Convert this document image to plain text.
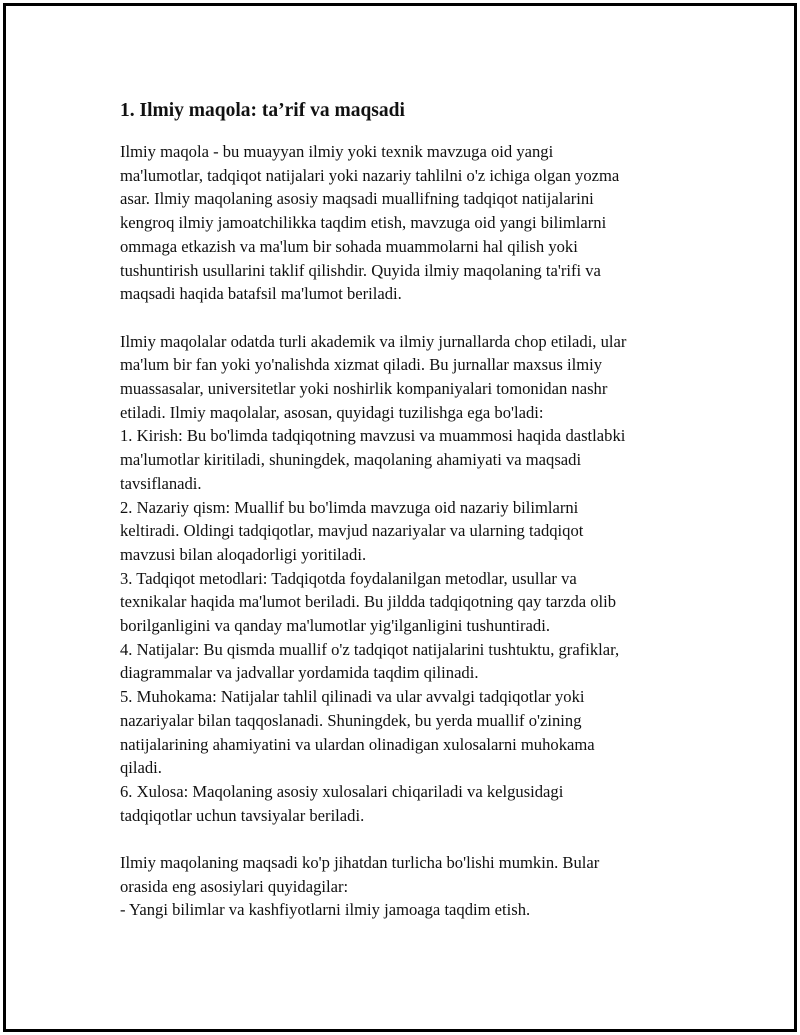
1. Ilmiy maqola: ta’rif va maqsadi

Ilmiy maqola - bu muayyan ilmiy yoki texnik mavzuga oid yangi
ma'lumotlar, tadqiqot natijalari yoki nazariy tahlilni o'z ichiga olgan yozma
asar. Ilmiy maqolaning asosiy maqsadi muallifning tadqiqot natijalarini
kengroq ilmiy jamoatchilikka taqdim etish, mavzuga oid yangi bilimlarni
ommaga etkazish va ma'lum bir sohada muammolarni hal qilish yoki
tushuntirish usullarini taklif qilishdir. Quyida ilmiy maqolaning ta'rifi va
maqsadi haqida batafsil ma'lumot beriladi.

Ilmiy maqolalar odatda turli akademik va ilmiy jurnallarda chop etiladi, ular
ma'lum bir fan yoki yo'nalishda xizmat qiladi. Bu jurnallar maxsus ilmiy
muassasalar, universitetlar yoki noshirlik kompaniyalari tomonidan nashr
etiladi. Ilmiy maqolalar, asosan, quyidagi tuzilishga ega bo'ladi:
1. Kirish: Bu bo'limda tadqiqotning mavzusi va muammosi haqida dastlabki
ma'lumotlar kiritiladi, shuningdek, maqolaning ahamiyati va maqsadi
tavsiflanadi.
2. Nazariy qism: Muallif bu bo'limda mavzuga oid nazariy bilimlarni
keltiradi. Oldingi tadqiqotlar, mavjud nazariyalar va ularning tadqiqot
mavzusi bilan aloqadorligi yoritiladi.
3. Tadqiqot metodlari: Tadqiqotda foydalanilgan metodlar, usullar va
texnikalar haqida ma'lumot beriladi. Bu jildda tadqiqotning qay tarzda olib
borilganligini va qanday ma'lumotlar yig'ilganligini tushuntiradi.
4. Natijalar: Bu qismda muallif o'z tadqiqot natijalarini tushtuktu, grafiklar,
diagrammalar va jadvallar yordamida taqdim qilinadi.
5. Muhokama: Natijalar tahlil qilinadi va ular avvalgi tadqiqotlar yoki
nazariyalar bilan taqqoslanadi. Shuningdek, bu yerda muallif o'zining
natijalarining ahamiyatini va ulardan olinadigan xulosalarni muhokama
qiladi.
6. Xulosa: Maqolaning asosiy xulosalari chiqariladi va kelgusidagi
tadqiqotlar uchun tavsiyalar beriladi.

Ilmiy maqolaning maqsadi ko'p jihatdan turlicha bo'lishi mumkin. Bular
orasida eng asosiylari quyidagilar:
- Yangi bilimlar va kashfiyotlarni ilmiy jamoaga taqdim etish.
